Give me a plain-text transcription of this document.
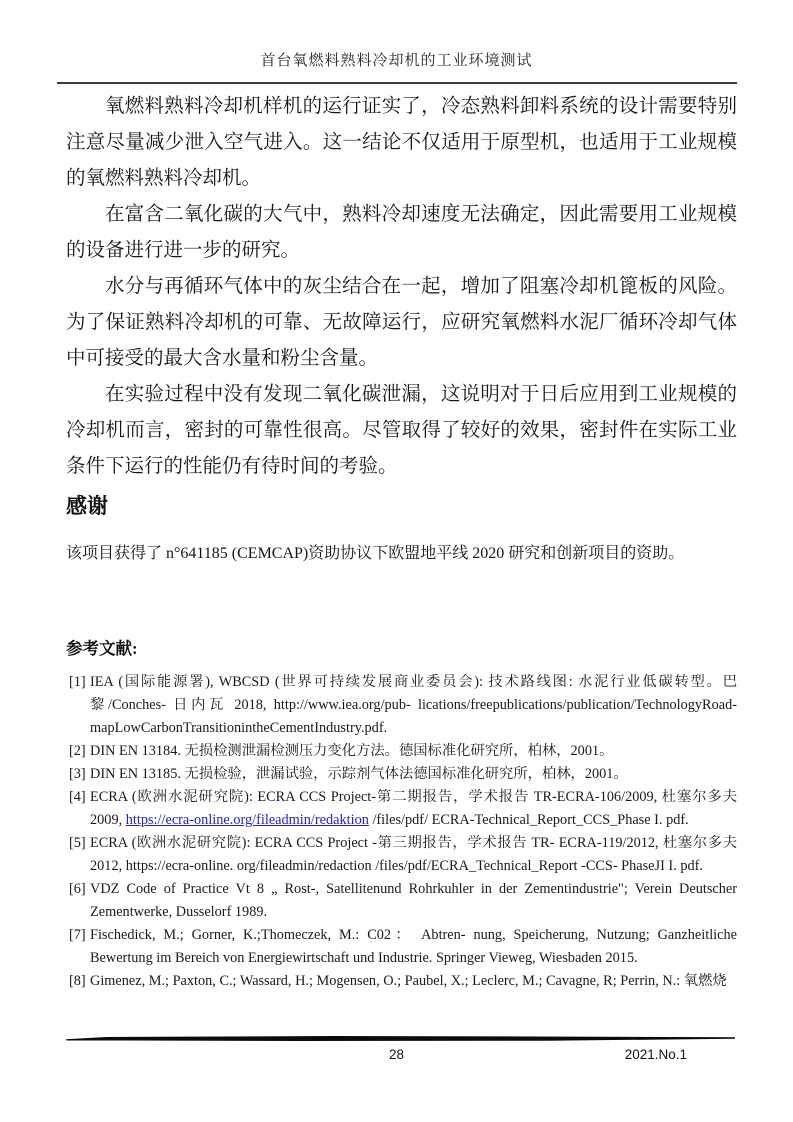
首台氧燃料熟料冷却机的工业环境测试

氧燃料熟料冷却机样机的运行证实了，冷态熟料卸料系统的设计需要特别注意尽量减少泄入空气进入。这一结论不仅适用于原型机，也适用于工业规模的氧燃料熟料冷却机。

在富含二氧化碳的大气中，熟料冷却速度无法确定，因此需要用工业规模的设备进行进一步的研究。

水分与再循环气体中的灰尘结合在一起，增加了阻塞冷却机篦板的风险。为了保证熟料冷却机的可靠、无故障运行，应研究氧燃料水泥厂循环冷却气体中可接受的最大含水量和粉尘含量。

在实验过程中没有发现二氧化碳泄漏，这说明对于日后应用到工业规模的冷却机而言，密封的可靠性很高。尽管取得了较好的效果，密封件在实际工业条件下运行的性能仍有待时间的考验。

感谢

该项目获得了 n°641185 (CEMCAP)资助协议下欧盟地平线 2020 研究和创新项目的资助。

参考文献:
[1] IEA (国际能源署), WBCSD (世界可持续发展商业委员会): 技术路线图: 水泥行业低碳转型。巴黎/Conches- 日内瓦 2018, http://www.iea.org/pub- lications/freepublications/publication/TechnologyRoad-mapLowCarbonTransitionintheCementIndustry.pdf.
[2] DIN EN 13184. 无损检测泄漏检测压力变化方法。德国标准化研究所，柏林，2001。
[3] DIN EN 13185. 无损检验，泄漏试验，示踪剂气体法德国标准化研究所，柏林，2001。
[4] ECRA (欧洲水泥研究院): ECRA CCS Project-第二期报告，学术报告 TR-ECRA-106/2009, 杜塞尔多夫 2009, https://ecra-online.org/fileadmin/redaktion /files/pdf/ ECRA-Technical_Report_CCS_Phase I. pdf.
[5] ECRA (欧洲水泥研究院): ECRA CCS Project -第三期报告，学术报告 TR- ECRA-119/2012, 杜塞尔多夫 2012, https://ecra-online. org/fileadmin/redaction /files/pdf/ECRA_Technical_Report -CCS- PhaseJI I. pdf.
[6] VDZ Code of Practice Vt 8 „ Rost-, Satellitenund Rohrkuhler in der Zementindustrie"; Verein Deutscher Zementwerke, Dusselorf 1989.
[7] Fischedick, M.; Gorner, K.;Thomeczek, M.: C02： Abtren- nung, Speicherung, Nutzung; Ganzheitliche Bewertung im Bereich von Energiewirtschaft und Industrie. Springer Vieweg, Wiesbaden 2015.
[8] Gimenez, M.; Paxton, C.; Wassard, H.; Mogensen, O.; Paubel, X.; Leclerc, M.; Cavagne, R; Perrin, N.: 氧燃烧
28	2021.No.1
